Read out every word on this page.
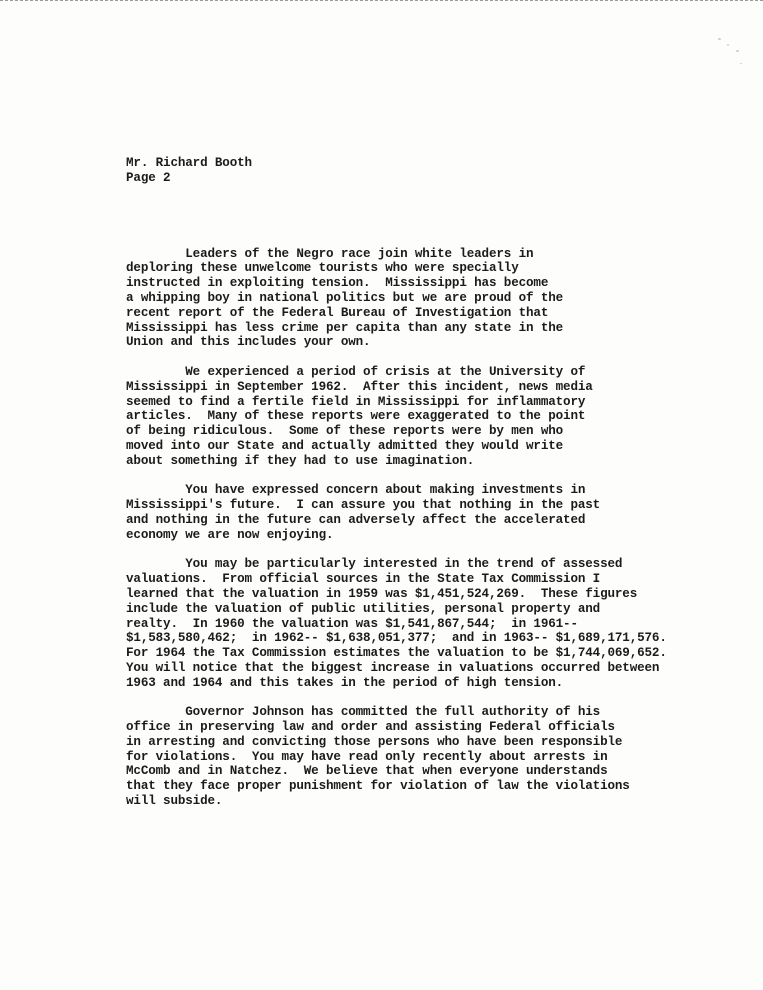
Mr. Richard Booth
Page 2

Leaders of the Negro race join white leaders in
deploring these unwelcome tourists who were specially
instructed in exploiting tension.  Mississippi has become
a whipping boy in national politics but we are proud of the
recent report of the Federal Bureau of Investigation that
Mississippi has less crime per capita than any state in the
Union and this includes your own.

We experienced a period of crisis at the University of
Mississippi in September 1962.  After this incident, news media
seemed to find a fertile field in Mississippi for inflammatory
articles.  Many of these reports were exaggerated to the point
of being ridiculous.  Some of these reports were by men who
moved into our State and actually admitted they would write
about something if they had to use imagination.

You have expressed concern about making investments in
Mississippi's future.  I can assure you that nothing in the past
and nothing in the future can adversely affect the accelerated
economy we are now enjoying.

You may be particularly interested in the trend of assessed
valuations.  From official sources in the State Tax Commission I
learned that the valuation in 1959 was $1,451,524,269.  These figures
include the valuation of public utilities, personal property and
realty.  In 1960 the valuation was $1,541,867,544;  in 1961--
$1,583,580,462;  in 1962-- $1,638,051,377;  and in 1963-- $1,689,171,576.
For 1964 the Tax Commission estimates the valuation to be $1,744,069,652.
You will notice that the biggest increase in valuations occurred between
1963 and 1964 and this takes in the period of high tension.

Governor Johnson has committed the full authority of his
office in preserving law and order and assisting Federal officials
in arresting and convicting those persons who have been responsible
for violations.  You may have read only recently about arrests in
McComb and in Natchez.  We believe that when everyone understands
that they face proper punishment for violation of law the violations
will subside.
